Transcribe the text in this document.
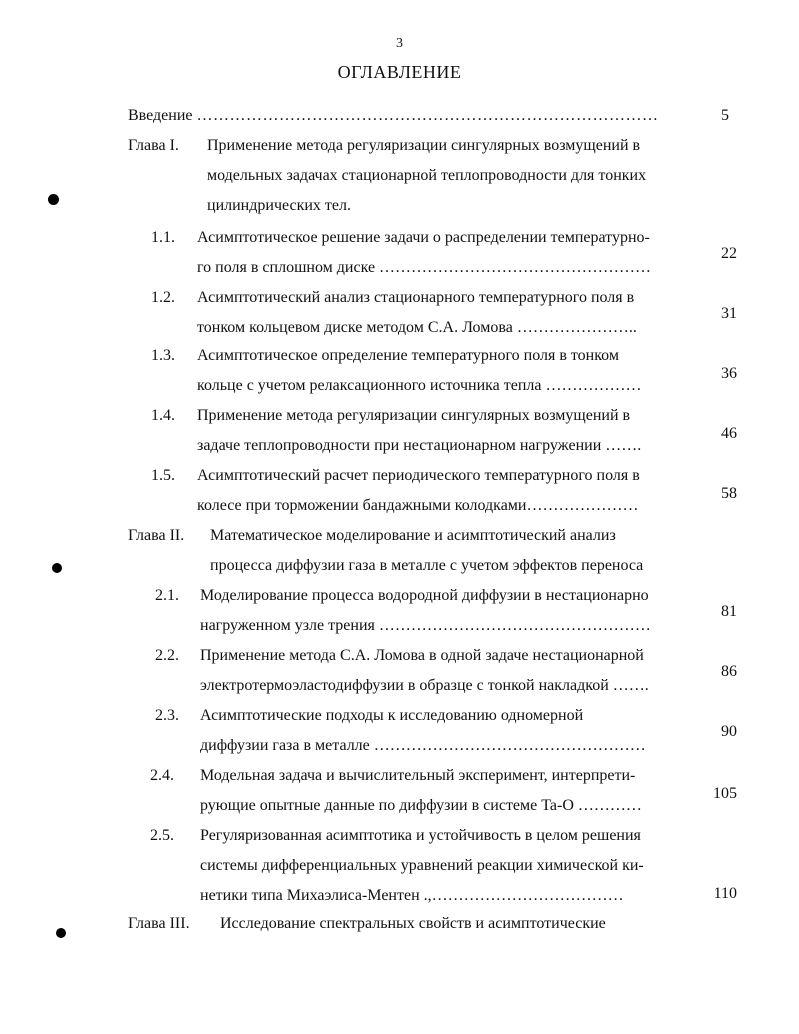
3
ОГЛАВЛЕНИЕ
Введение …………………………………………………………………………	5
Глава I. Применение метода регуляризации сингулярных возмущений в
модельных задачах стационарной теплопроводности для тонких
цилиндрических тел.
1.1. Асимптотическое решение задачи о распределении температурно-
го поля в сплошном диске ……………………………………………
22
1.2. Асимптотический анализ стационарного температурного поля в
тонком кольцевом диске методом С.А. Ломова …………………..
31
1.3. Асимптотическое определение температурного поля в тонком
кольце с учетом релаксационного источника тепла ………………
36
1.4. Применение метода регуляризации сингулярных возмущений в
задаче теплопроводности при нестационарном нагружении …….
46
1.5. Асимптотический расчет периодического температурного поля в
колесе при торможении бандажными колодками…………………
58
Глава II. Математическое моделирование и асимптотический анализ
процесса диффузии газа в металле с учетом эффектов переноса
2.1. Моделирование процесса водородной диффузии в нестационарно
нагруженном узле трения ……………………………………………
81
2.2. Применение метода С.А. Ломова в одной задаче нестационарной
электротермоэластодиффузии в образце с тонкой накладкой …….
86
2.3. Асимптотические подходы к исследованию одномерной
диффузии газа в металле ……………………………………………
90
2.4. Модельная задача и вычислительный эксперимент, интерпрети-
рующие опытные данные по диффузии в системе Ta-O …………
105
2.5. Регуляризованная асимптотика и устойчивость в целом решения
системы дифференциальных уравнений реакции химической ки-
нетики типа Михаэлиса-Ментен .,………………………………	110
Глава III. Исследование спектральных свойств и асимптотические
